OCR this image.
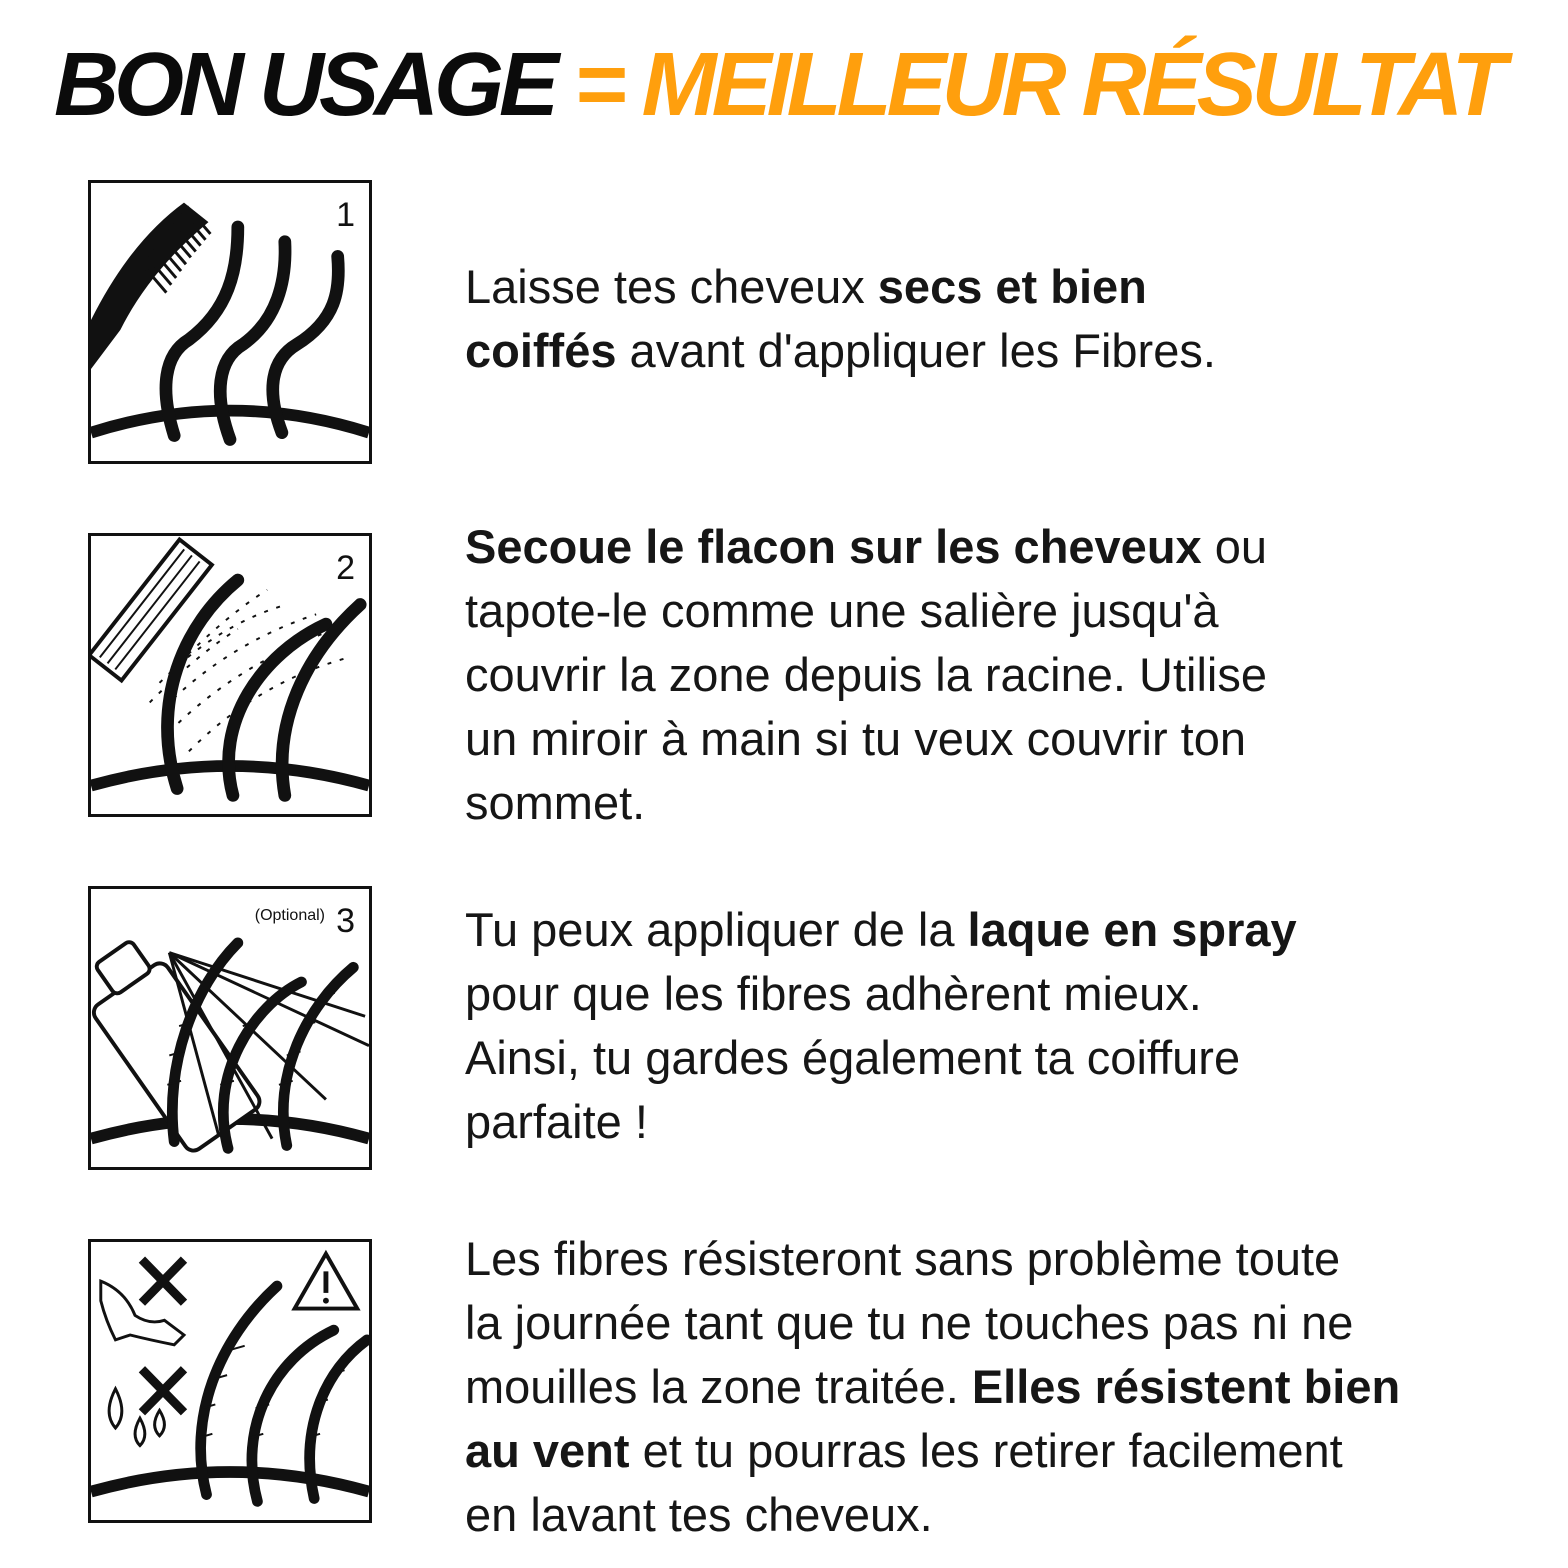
BON USAGE = MEILLEUR RÉSULTAT
1
Laisse tes cheveux secs et bien
coiffés avant d'appliquer les Fibres.
2 Secoue le flacon sur les cheveux ou
tapote-le comme une salière jusqu'à
couvrir la zone depuis la racine. Utilise
un miroir à main si tu veux couvrir ton
sommet.
(Optional) 3 Tu peux appliquer de la laque en spray
pour que les fibres adhèrent mieux.
Ainsi, tu gardes également ta coiffure
parfaite !
Les fibres résisteront sans problème toute
la journée tant que tu ne touches pas ni ne
mouilles la zone traitée. Elles résistent bien
au vent et tu pourras les retirer facilement
en lavant tes cheveux.
